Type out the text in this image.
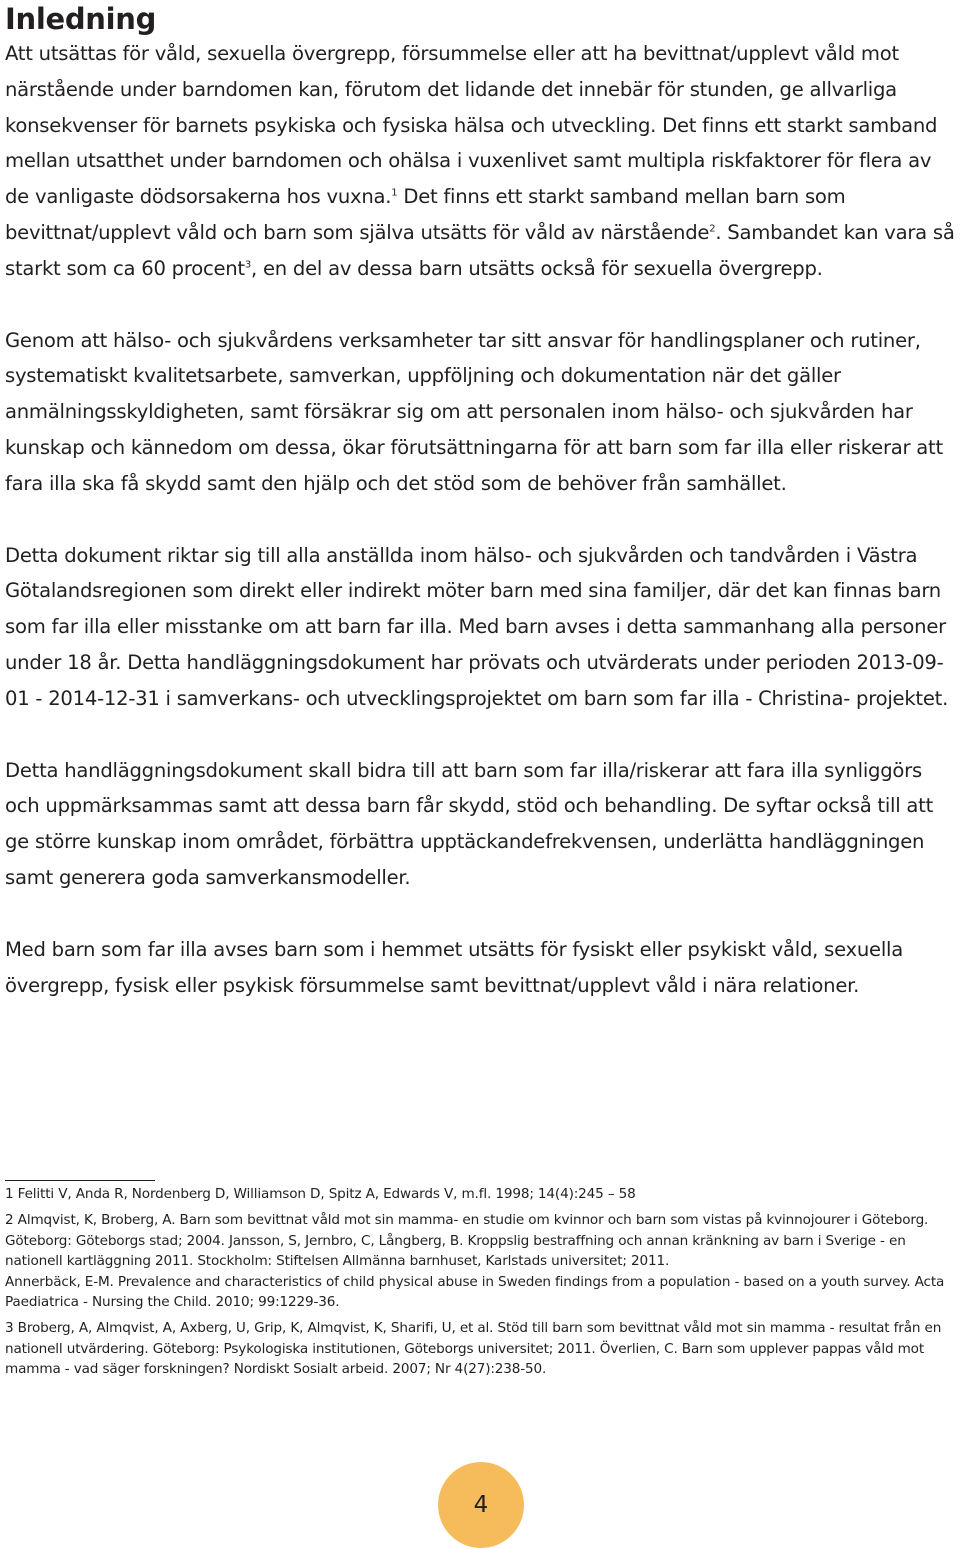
Inledning

Att utsättas för våld, sexuella övergrepp, försummelse eller att ha bevittnat/upplevt våld mot närstående under barndomen kan, förutom det lidande det innebär för stunden, ge allvarliga konsekvenser för barnets psykiska och fysiska hälsa och utveckling. Det finns ett starkt samband mellan utsatthet under barndomen och ohälsa i vuxenlivet samt multipla riskfaktorer för flera av de vanligaste dödsorsakerna hos vuxna.$^1$ Det finns ett starkt samband mellan barn som bevittnat/upplevt våld och barn som själva utsätts för våld av närstående$^2$. Sambandet kan vara så starkt som ca 60 procent$^3$, en del av dessa barn utsätts också för sexuella övergrepp.

Genom att hälso- och sjukvårdens verksamheter tar sitt ansvar för handlingsplaner och rutiner, systematiskt kvalitetsarbete, samverkan, uppföljning och dokumentation när det gäller anmälningsskyldigheten, samt försäkrar sig om att personalen inom hälso- och sjukvården har kunskap och kännedom om dessa, ökar förutsättningarna för att barn som far illa eller riskerar att fara illa ska få skydd samt den hjälp och det stöd som de behöver från samhället.

Detta dokument riktar sig till alla anställda inom hälso- och sjukvården och tandvården i Västra Götalandsregionen som direkt eller indirekt möter barn med sina familjer, där det kan finnas barn som far illa eller misstanke om att barn far illa. Med barn avses i detta sammanhang alla personer under 18 år. Detta handläggningsdokument har prövats och utvärderats under perioden 2013-09-01 - 2014-12-31 i samverkans- och utvecklingsprojektet om barn som far illa - Christina- projektet.

Detta handläggningsdokument skall bidra till att barn som far illa/riskerar att fara illa synliggörs och uppmärksammas samt att dessa barn får skydd, stöd och behandling. De syftar också till att ge större kunskap inom området, förbättra upptäckandefrekvensen, underlätta handläggningen samt generera goda samverkansmodeller.

Med barn som far illa avses barn som i hemmet utsätts för fysiskt eller psykiskt våld, sexuella övergrepp, fysisk eller psykisk försummelse samt bevittnat/upplevt våld i nära relationer.

1 Felitti V, Anda R, Nordenberg D, Williamson D, Spitz A, Edwards V, m.fl. 1998; 14(4):245 – 58

2 Almqvist, K, Broberg, A. Barn som bevittnat våld mot sin mamma- en studie om kvinnor och barn som vistas på kvinnojourer i Göteborg. Göteborg: Göteborgs stad; 2004. Jansson, S, Jernbro, C, Långberg, B. Kroppslig bestraffning och annan kränkning av barn i Sverige - en nationell kartläggning 2011. Stockholm: Stiftelsen Allmänna barnhuset, Karlstads universitet; 2011.

Annerbäck, E-M. Prevalence and characteristics of child physical abuse in Sweden findings from a population - based on a youth survey. Acta Paediatrica - Nursing the Child. 2010; 99:1229-36.

3 Broberg, A, Almqvist, A, Axberg, U, Grip, K, Almqvist, K, Sharifi, U, et al. Stöd till barn som bevittnat våld mot sin mamma - resultat från en nationell utvärdering. Göteborg: Psykologiska institutionen, Göteborgs universitet; 2011. Överlien, C. Barn som upplever pappas våld mot mamma - vad säger forskningen? Nordiskt Sosialt arbeid. 2007; Nr 4(27):238-50.

4
